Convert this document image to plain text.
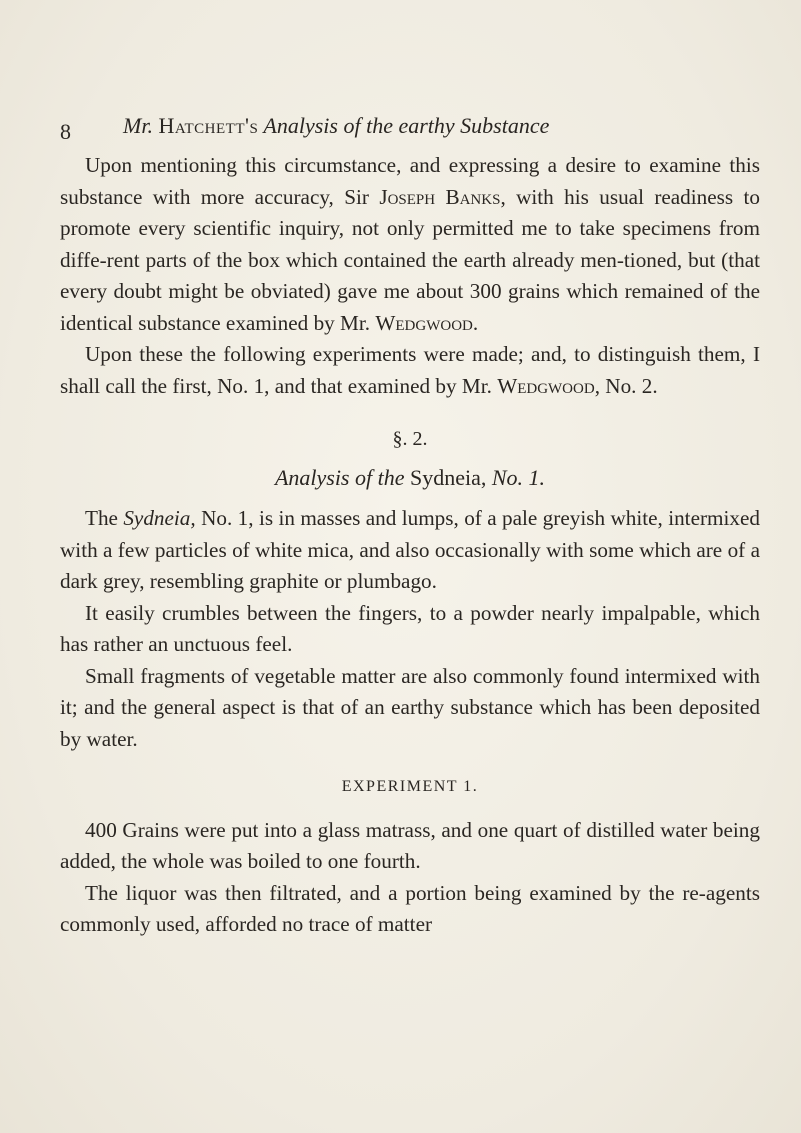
8 Mr. Hatchett's Analysis of the earthy Substance

Upon mentioning this circumstance, and expressing a desire to examine this substance with more accuracy, Sir Joseph Banks, with his usual readiness to promote every scientific inquiry, not only permitted me to take specimens from diffe-rent parts of the box which contained the earth already men-tioned, but (that every doubt might be obviated) gave me about 300 grains which remained of the identical substance examined by Mr. Wedgwood.

Upon these the following experiments were made; and, to distinguish them, I shall call the first, No. 1, and that examined by Mr. Wedgwood, No. 2.

§. 2.
Analysis of the Sydneia, No. 1.

The Sydneia, No. 1, is in masses and lumps, of a pale greyish white, intermixed with a few particles of white mica, and also occasionally with some which are of a dark grey, resembling graphite or plumbago.

It easily crumbles between the fingers, to a powder nearly impalpable, which has rather an unctuous feel.

Small fragments of vegetable matter are also commonly found intermixed with it; and the general aspect is that of an earthy substance which has been deposited by water.

EXPERIMENT 1.

400 Grains were put into a glass matrass, and one quart of distilled water being added, the whole was boiled to one fourth.

The liquor was then filtrated, and a portion being examined by the re-agents commonly used, afforded no trace of matter
